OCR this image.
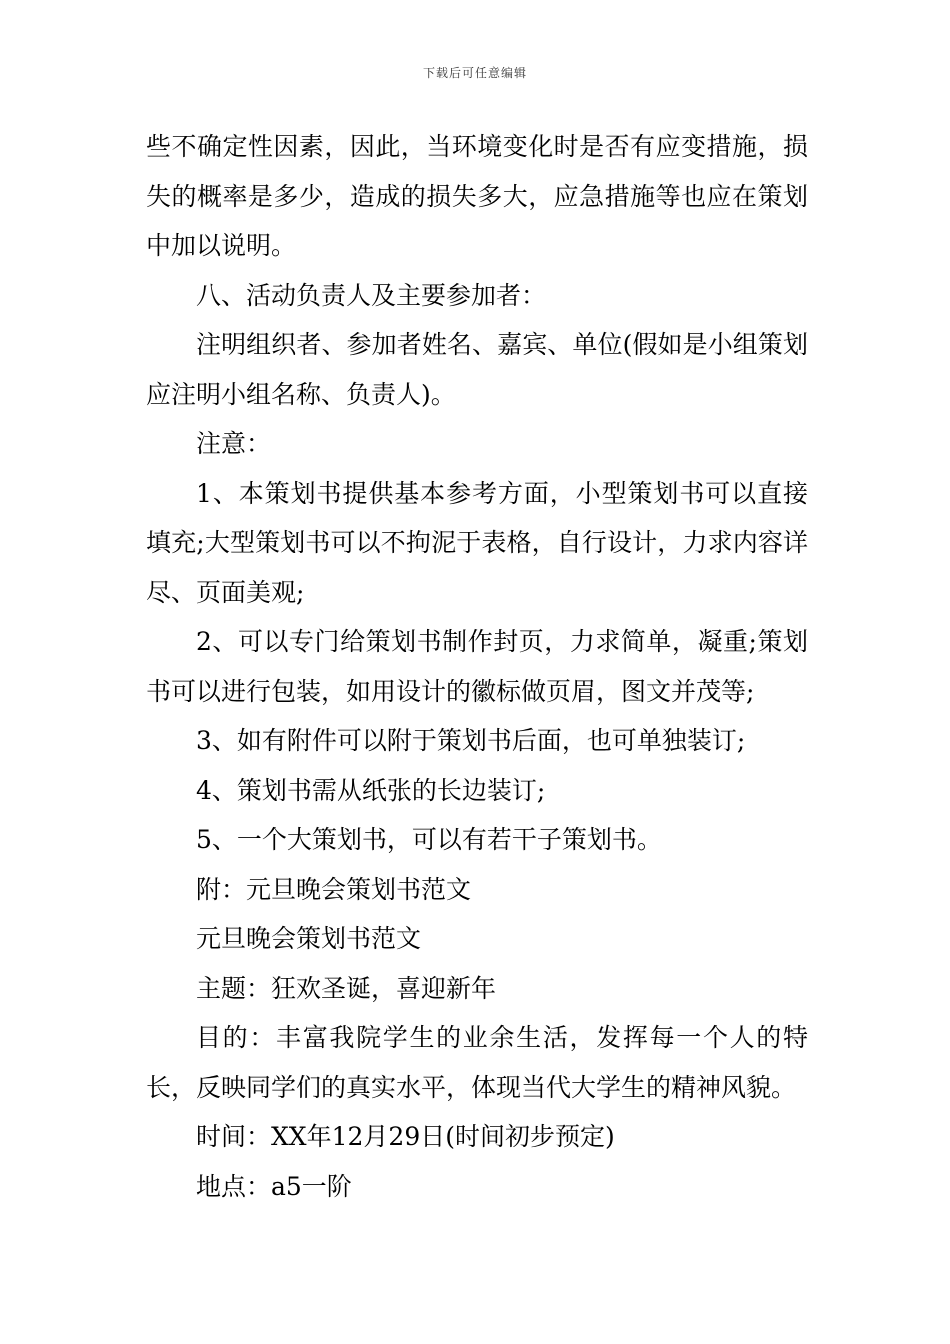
下载后可任意编辑

些不确定性因素，因此，当环境变化时是否有应变措施，损失的概率是多少，造成的损失多大，应急措施等也应在策划中加以说明。

八、活动负责人及主要参加者：

注明组织者、参加者姓名、嘉宾、单位(假如是小组策划应注明小组名称、负责人)。

注意：

1、本策划书提供基本参考方面，小型策划书可以直接填充;大型策划书可以不拘泥于表格，自行设计，力求内容详尽、页面美观;

2、可以专门给策划书制作封页，力求简单，凝重;策划书可以进行包装，如用设计的徽标做页眉，图文并茂等;

3、如有附件可以附于策划书后面，也可单独装订;

4、策划书需从纸张的长边装订;

5、一个大策划书，可以有若干子策划书。

附：元旦晚会策划书范文

元旦晚会策划书范文

主题：狂欢圣诞，喜迎新年

目的：丰富我院学生的业余生活，发挥每一个人的特长，反映同学们的真实水平，体现当代大学生的精神风貌。

时间：XX年12月29日(时间初步预定)

地点：a5一阶
